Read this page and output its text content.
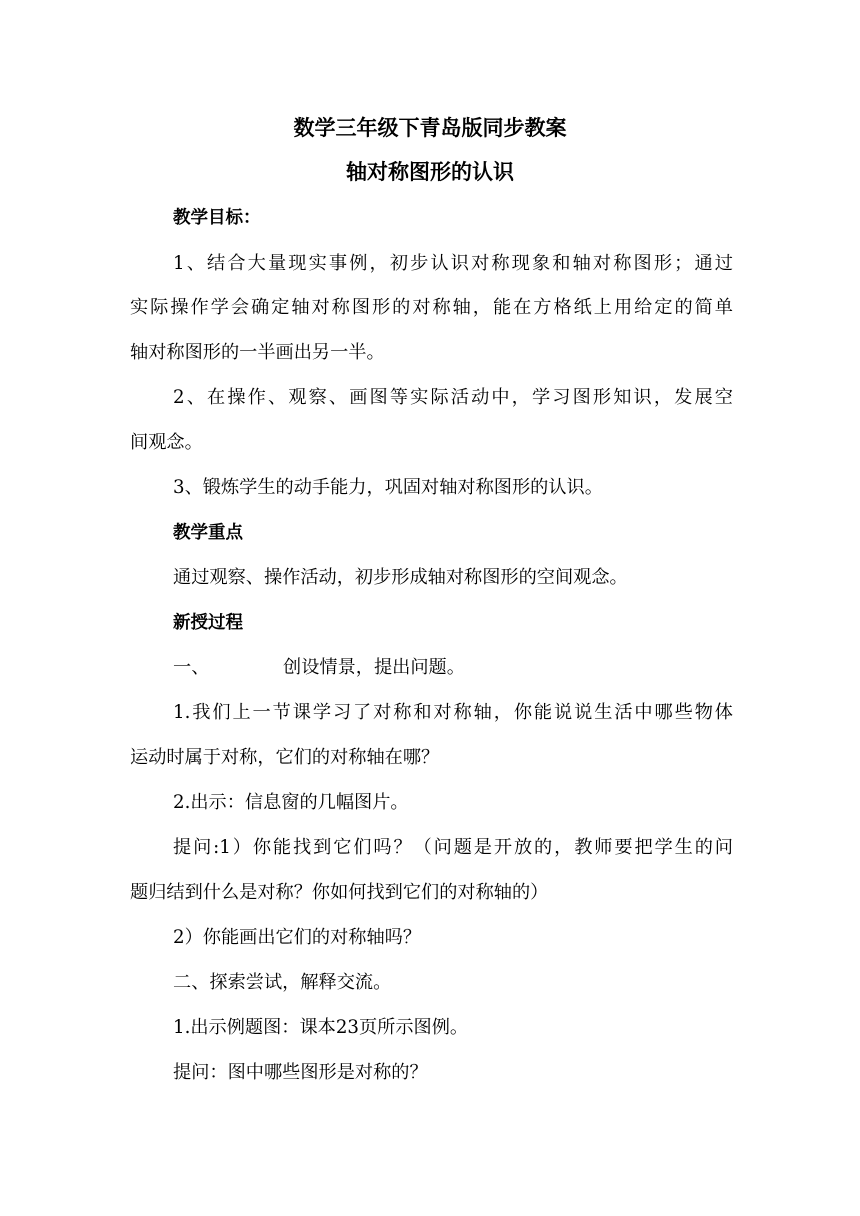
数学三年级下青岛版同步教案
轴对称图形的认识
教学目标：
1、结合大量现实事例，初步认识对称现象和轴对称图形；通过
实际操作学会确定轴对称图形的对称轴，能在方格纸上用给定的简单
轴对称图形的一半画出另一半。
2、在操作、观察、画图等实际活动中，学习图形知识，发展空
间观念。
3、锻炼学生的动手能力，巩固对轴对称图形的认识。
教学重点
通过观察、操作活动，初步形成轴对称图形的空间观念。
新授过程
一、	创设情景，提出问题。
1.我们上一节课学习了对称和对称轴，你能说说生活中哪些物体
运动时属于对称，它们的对称轴在哪？
2.出示：信息窗的几幅图片。
提问:1）你能找到它们吗？（问题是开放的，教师要把学生的问
题归结到什么是对称？你如何找到它们的对称轴的）
2）你能画出它们的对称轴吗？
二、探索尝试，解释交流。
1.出示例题图：课本23页所示图例。
提问：图中哪些图形是对称的？
